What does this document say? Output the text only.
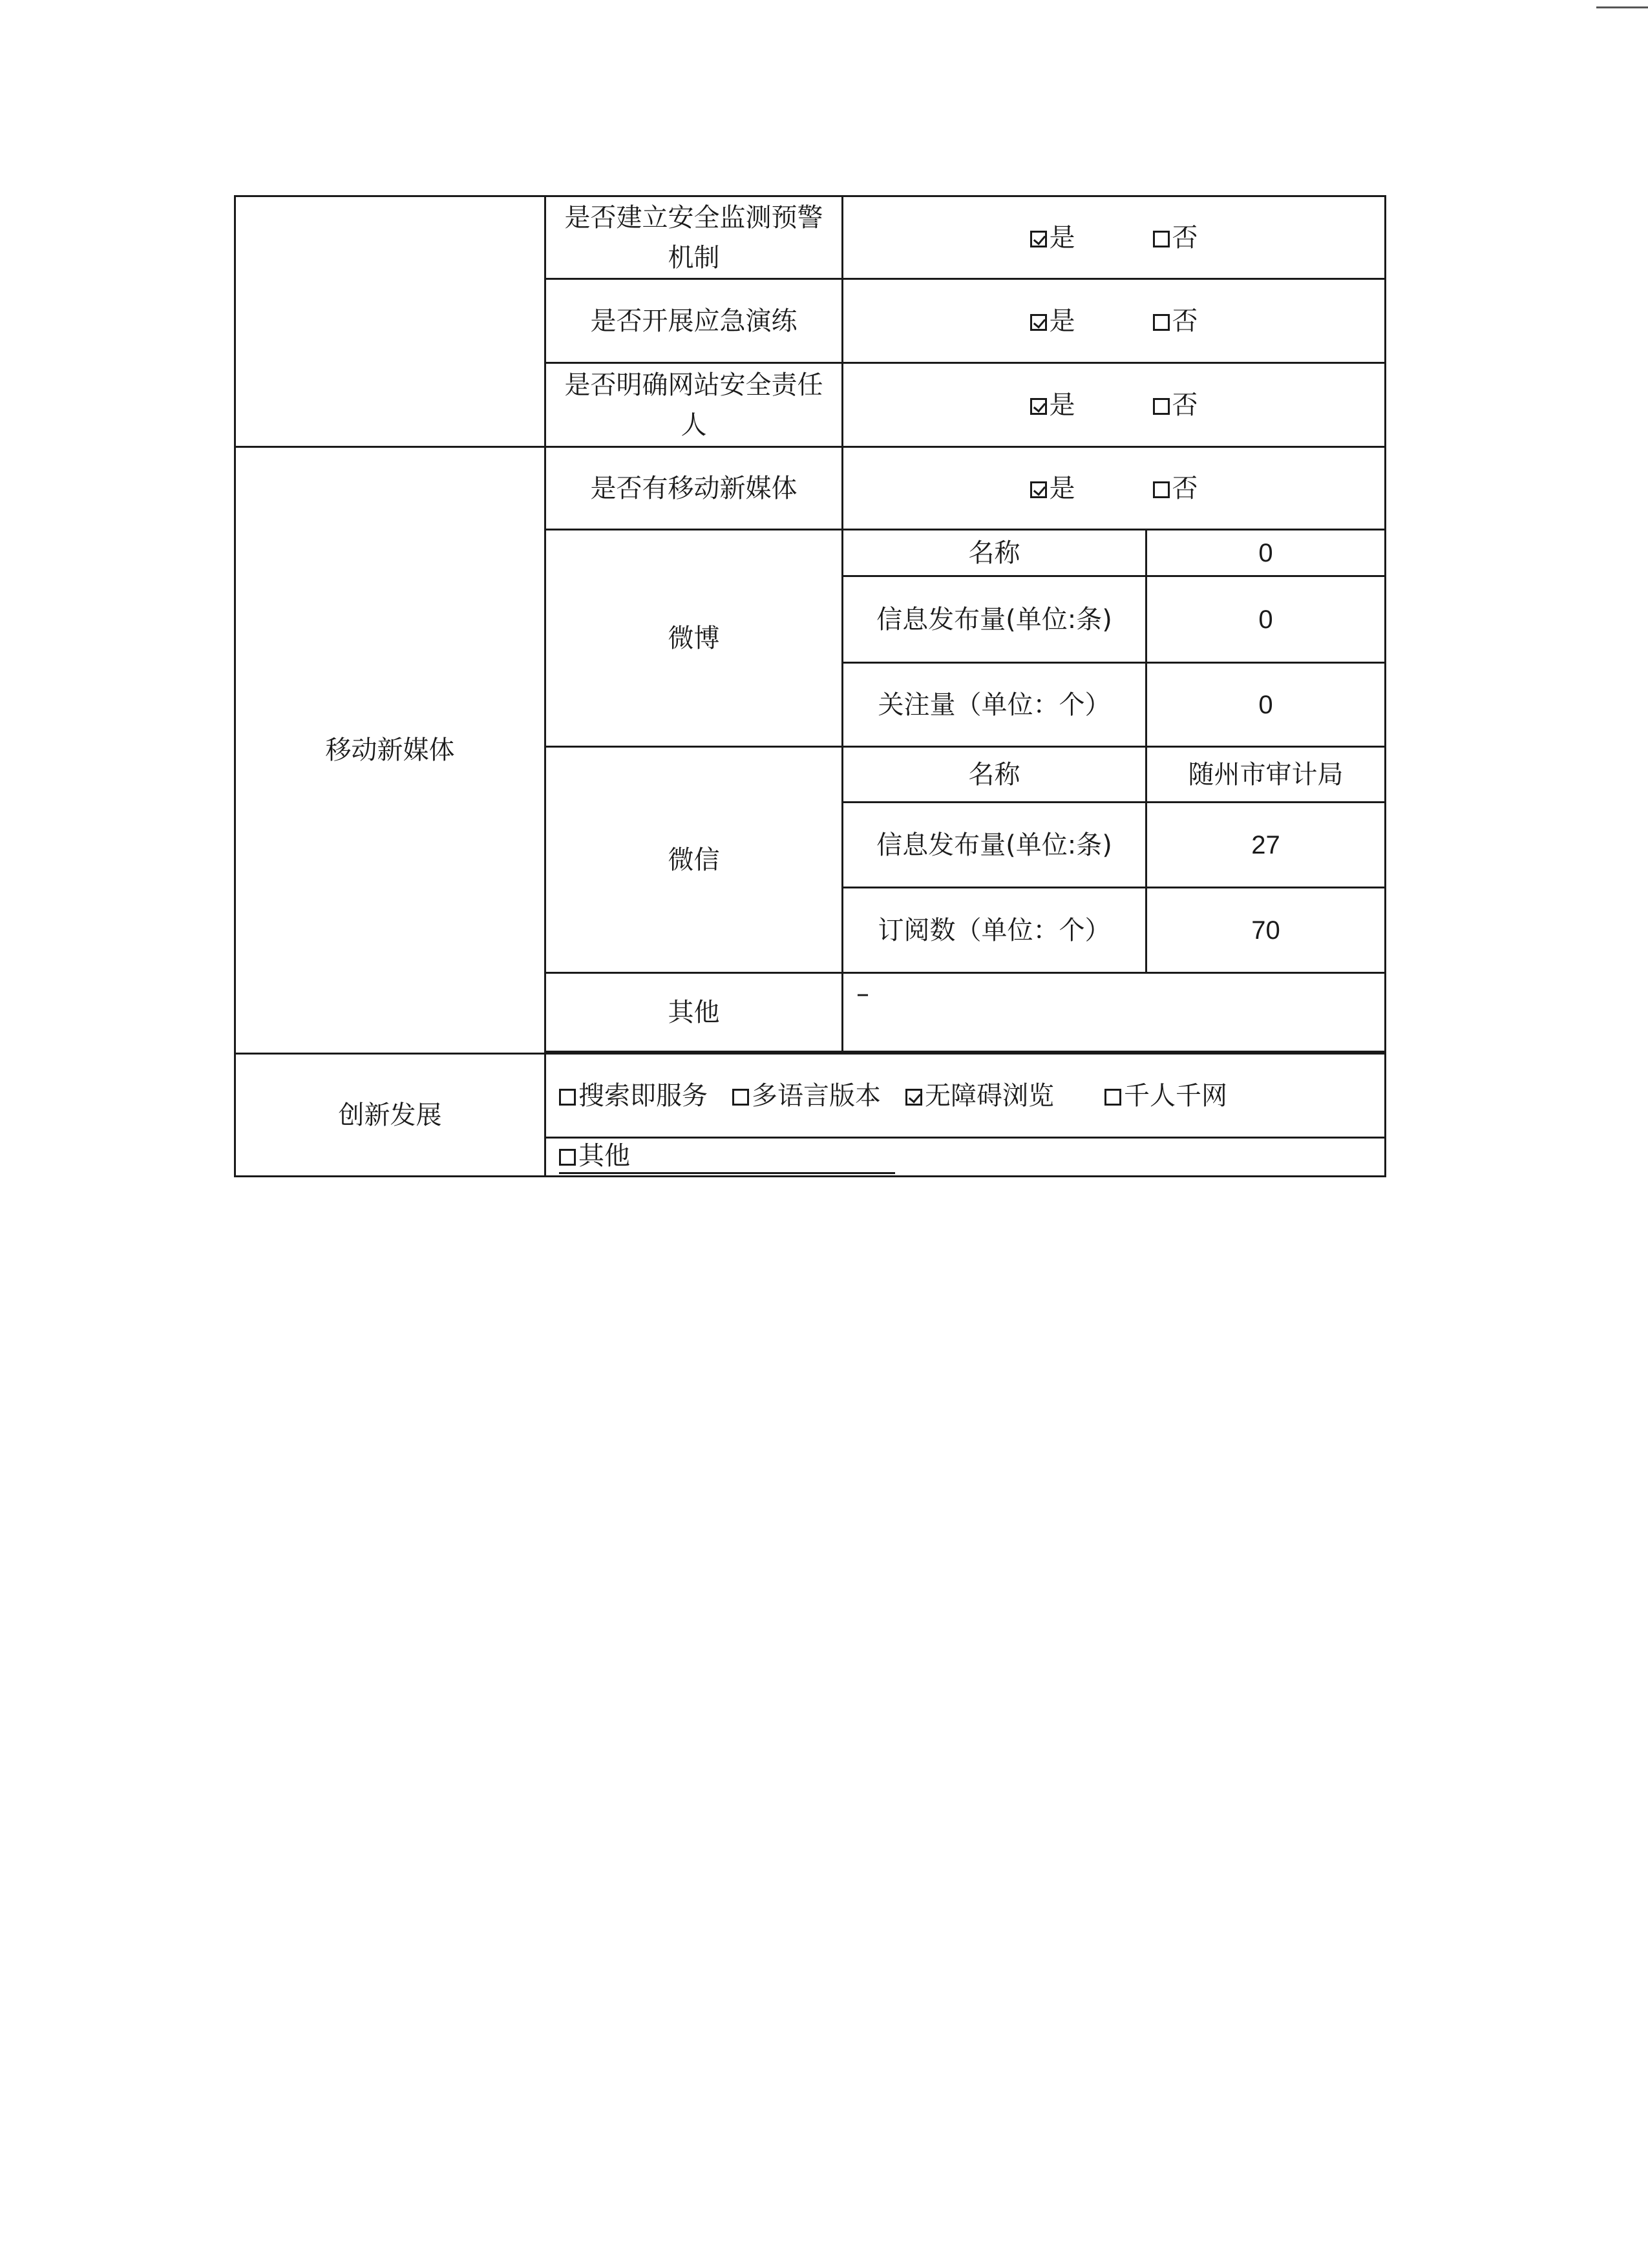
	是否建立安全监测预警机制	是 否	
	是否开展应急演练	是 否	
	是否明确网站安全责任人	是 否	
移动新媒体	是否有移动新媒体	是 否	
	微博	名称	0
		信息发布量(单位:条)	0
		关注量（单位：个）	0
	微信	名称	随州市审计局
		信息发布量(单位:条)	27
		订阅数（单位：个）	70
	其他	–	

创新发展	搜索即服务 多语言版本 无障碍浏览 千人千网		
	其他		
